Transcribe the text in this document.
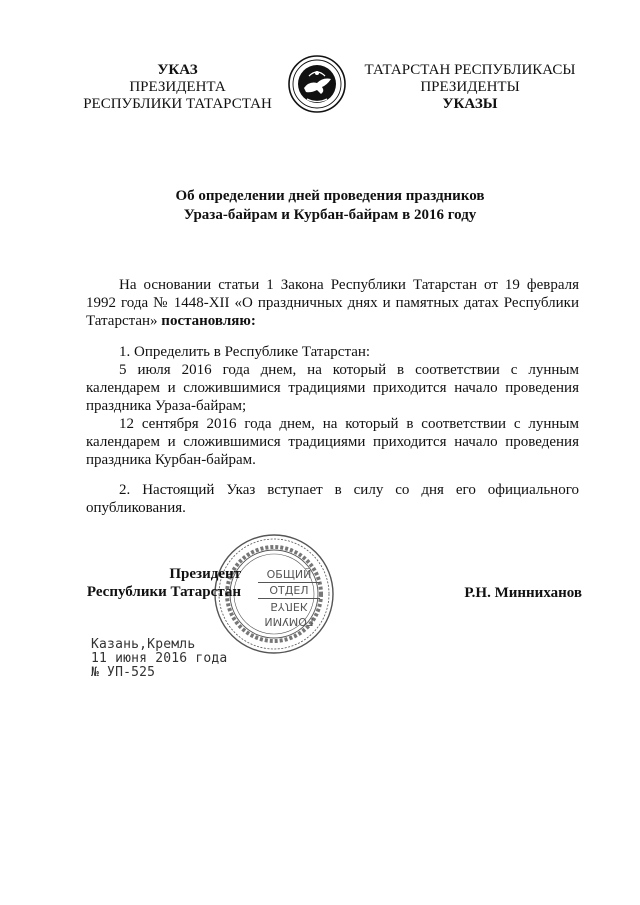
УКАЗ
ПРЕЗИДЕНТА
РЕСПУБЛИКИ ТАТАРСТАН
ТАТАРСТАН РЕСПУБЛИКАСЫ
ПРЕЗИДЕНТЫ
УКАЗЫ
Об определении дней проведения праздников
Ураза-байрам и Курбан-байрам в 2016 году

На основании статьи 1 Закона Республики Татарстан от 19 февраля 1992 года № 1448-XII «О праздничных днях и памятных датах Республики Татарстан» постановляю:

1. Определить в Республике Татарстан:

5 июля 2016 года днем, на который в соответствии с лунным календарем и сложившимися традициями приходится начало проведения праздника Ураза-байрам;

12 сентября 2016 года днем, на который в соответствии с лунным календарем и сложившимися традициями приходится начало проведения праздника Курбан-байрам.

2. Настоящий Указ вступает в силу со дня его официального опубликования.

ОБЩИЙ
ОТДЕЛ
БҮЛЕК
ГОМУМИ
Президент
Республики Татарстан	Р.Н. Минниханов
Казань,Кремль
11 июня 2016 года
№ УП-525
